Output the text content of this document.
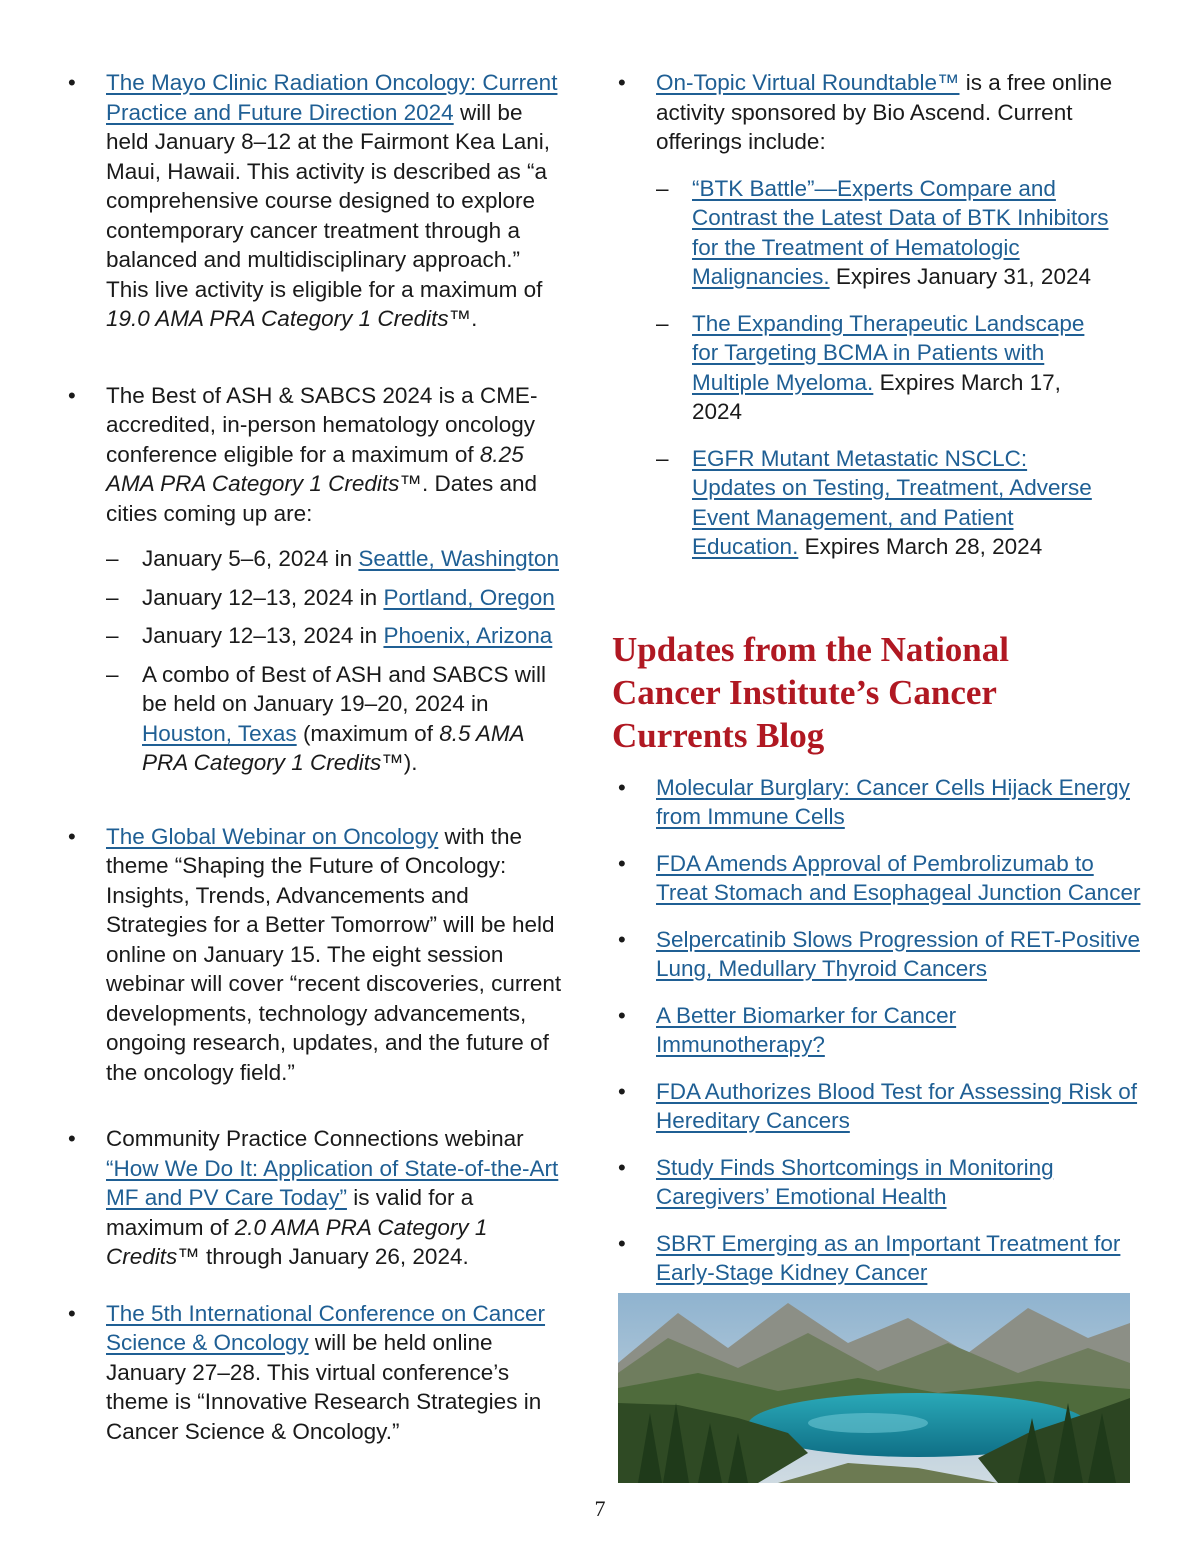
• The Mayo Clinic Radiation Oncology: Current Practice and Future Direction 2024 will be held January 8–12 at the Fairmont Kea Lani, Maui, Hawaii. This activity is described as “a comprehensive course designed to explore contemporary cancer treatment through a balanced and multidisciplinary approach.” This live activity is eligible for a maximum of 19.0 AMA PRA Category 1 Credits™.
• The Best of ASH & SABCS 2024 is a CME-accredited, in-person hematology oncology conference eligible for a maximum of 8.25 AMA PRA Category 1 Credits™. Dates and cities coming up are:
– January 5–6, 2024 in Seattle, Washington
– January 12–13, 2024 in Portland, Oregon
– January 12–13, 2024 in Phoenix, Arizona
– A combo of Best of ASH and SABCS will be held on January 19–20, 2024 in Houston, Texas (maximum of 8.5 AMA PRA Category 1 Credits™).
• The Global Webinar on Oncology with the theme “Shaping the Future of Oncology: Insights, Trends, Advancements and Strategies for a Better Tomorrow” will be held online on January 15. The eight session webinar will cover “recent discoveries, current developments, technology advancements, ongoing research, updates, and the future of the oncology field.”
• Community Practice Connections webinar “How We Do It: Application of State-of-the-Art MF and PV Care Today” is valid for a maximum of 2.0 AMA PRA Category 1 Credits™ through January 26, 2024.
• The 5th International Conference on Cancer Science & Oncology will be held online January 27–28. This virtual conference’s theme is “Innovative Research Strategies in Cancer Science & Oncology.”
• On-Topic Virtual Roundtable™ is a free online activity sponsored by Bio Ascend. Current offerings include:
– “BTK Battle”—Experts Compare and Contrast the Latest Data of BTK Inhibitors for the Treatment of Hematologic Malignancies. Expires January 31, 2024
– The Expanding Therapeutic Landscape for Targeting BCMA in Patients with Multiple Myeloma. Expires March 17, 2024
– EGFR Mutant Metastatic NSCLC: Updates on Testing, Treatment, Adverse Event Management, and Patient Education. Expires March 28, 2024
Updates from the National Cancer Institute’s Cancer Currents Blog
• Molecular Burglary: Cancer Cells Hijack Energy from Immune Cells
• FDA Amends Approval of Pembrolizumab to Treat Stomach and Esophageal Junction Cancer
• Selpercatinib Slows Progression of RET-Positive Lung, Medullary Thyroid Cancers
• A Better Biomarker for Cancer Immunotherapy?
• FDA Authorizes Blood Test for Assessing Risk of Hereditary Cancers
• Study Finds Shortcomings in Monitoring Caregivers’ Emotional Health
• SBRT Emerging as an Important Treatment for Early-Stage Kidney Cancer
7
